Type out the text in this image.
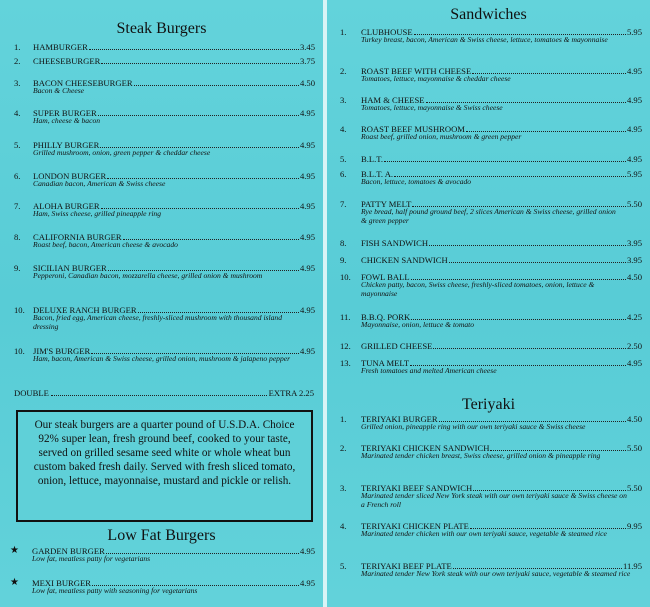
Steak Burgers
1. HAMBURGER	3.45
2. CHEESEBURGER	3.75
3. BACON CHEESEBURGER	4.50
Bacon & Cheese
4. SUPER BURGER	4.95
Ham, cheese & bacon
5. PHILLY BURGER	4.95
Grilled mushroom, onion, green pepper & cheddar cheese
6. LONDON BURGER	4.95
Canadian bacon, American & Swiss cheese
7. ALOHA BURGER	4.95
Ham, Swiss cheese, grilled pineapple ring
8. CALIFORNIA BURGER	4.95
Roast beef, bacon, American cheese & avocado
9. SICILIAN BURGER	4.95
Pepperoni, Canadian bacon, mozzarella cheese, grilled onion & mushroom
10. DELUXE RANCH BURGER	4.95
Bacon, fried egg, American cheese, freshly-sliced mushroom with thousand island dressing
10. JIM'S BURGER	4.95
Ham, bacon, American & Swiss cheese, grilled onion, mushroom & jalapeno pepper
DOUBLE	EXTRA 2.25
Our steak burgers are a quarter pound of U.S.D.A. Choice 92% super lean, fresh ground beef, cooked to your taste, served on grilled sesame seed white or whole wheat bun custom baked fresh daily. Served with fresh sliced tomato, onion, lettuce, mayonnaise, mustard and pickle or relish.
Low Fat Burgers
★ GARDEN BURGER	4.95
Low fat, meatless patty for vegetarians
★ MEXI BURGER	4.95
Low fat, meatless patty with seasoning for vegetarians
Sandwiches
1. CLUBHOUSE	5.95
Turkey breast, bacon, American & Swiss cheese, lettuce, tomatoes & mayonnaise
2. ROAST BEEF WITH CHEESE	4.95
Tomatoes, lettuce, mayonnaise & cheddar cheese
3. HAM & CHEESE	4.95
Tomatoes, lettuce, mayonnaise & Swiss cheese
4. ROAST BEEF MUSHROOM	4.95
Roast beef, grilled onion, mushroom & green pepper
5. B.L.T.	4.95
6. B.L.T. A.	5.95
Bacon, lettuce, tomatoes & avocado
7. PATTY MELT	5.50
Rye bread, half pound ground beef, 2 slices American & Swiss cheese, grilled onion & green pepper
8. FISH SANDWICH	3.95
9. CHICKEN SANDWICH	3.95
10. FOWL BALL	4.50
Chicken patty, bacon, Swiss cheese, freshly-sliced tomatoes, onion, lettuce & mayonnaise
11. B.B.Q. PORK	4.25
Mayonnaise, onion, lettuce & tomato
12. GRILLED CHEESE	2.50
13. TUNA MELT	4.95
Fresh tomatoes and melted American cheese
Teriyaki
1. TERIYAKI BURGER	4.50
Grilled onion, pineapple ring with our own teriyaki sauce & Swiss cheese
2. TERIYAKI CHICKEN SANDWICH	5.50
Marinated tender chicken breast, Swiss cheese, grilled onion & pineapple ring
3. TERIYAKI BEEF SANDWICH	5.50
Marinated tender sliced New York steak with our own teriyaki sauce & Swiss cheese on a French roll
4. TERIYAKI CHICKEN PLATE	9.95
Marinated tender chicken with our own teriyaki sauce, vegetable & steamed rice
5. TERIYAKI BEEF PLATE	11.95
Marinated tender New York steak with our own teriyaki sauce, vegetable & steamed rice
